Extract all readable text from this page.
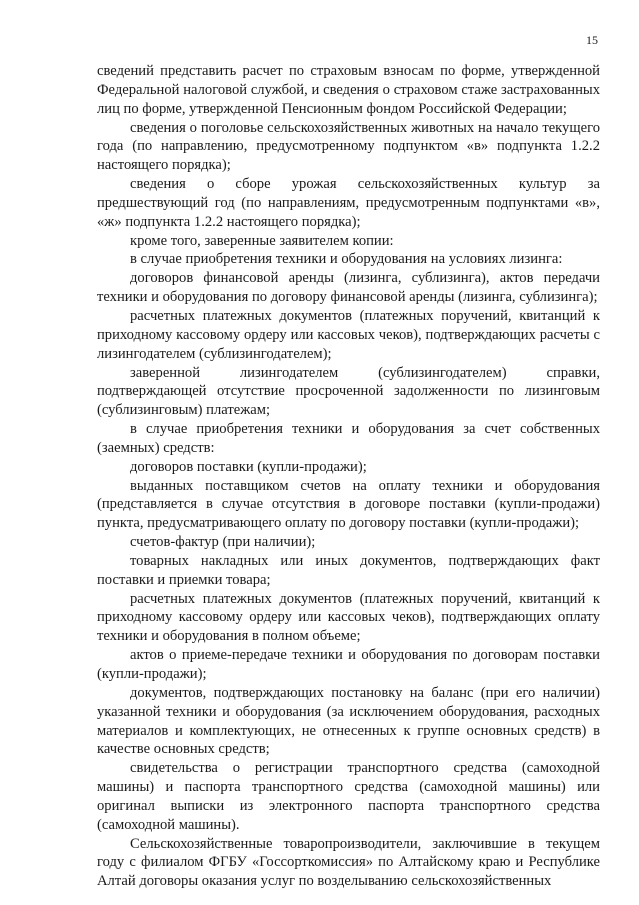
15

сведений представить расчет по страховым взносам по форме, утвержденной Федеральной налоговой службой, и сведения о страховом стаже застрахованных лиц по форме, утвержденной Пенсионным фондом Российской Федерации;

сведения о поголовье сельскохозяйственных животных на начало текущего года (по направлению, предусмотренному подпунктом «в» подпункта 1.2.2 настоящего порядка);

сведения о сборе урожая сельскохозяйственных культур за предшествующий год (по направлениям, предусмотренным подпунктами «в», «ж» подпункта 1.2.2 настоящего порядка);

кроме того, заверенные заявителем копии:

в случае приобретения техники и оборудования на условиях лизинга:

договоров финансовой аренды (лизинга, сублизинга), актов передачи техники и оборудования по договору финансовой аренды (лизинга, сублизинга);

расчетных платежных документов (платежных поручений, квитанций к приходному кассовому ордеру или кассовых чеков), подтверждающих расчеты с лизингодателем (сублизингодателем);

заверенной лизингодателем (сублизингодателем) справки, подтверждающей отсутствие просроченной задолженности по лизинговым (сублизинговым) платежам;

в случае приобретения техники и оборудования за счет собственных (заемных) средств:

договоров поставки (купли-продажи);

выданных поставщиком счетов на оплату техники и оборудования (представляется в случае отсутствия в договоре поставки (купли-продажи) пункта, предусматривающего оплату по договору поставки (купли-продажи);

счетов-фактур (при наличии);

товарных накладных или иных документов, подтверждающих факт поставки и приемки товара;

расчетных платежных документов (платежных поручений, квитанций к приходному кассовому ордеру или кассовых чеков), подтверждающих оплату техники и оборудования в полном объеме;

актов о приеме-передаче техники и оборудования по договорам поставки (купли-продажи);

документов, подтверждающих постановку на баланс (при его наличии) указанной техники и оборудования (за исключением оборудования, расходных материалов и комплектующих, не отнесенных к группе основных средств) в качестве основных средств;

свидетельства о регистрации транспортного средства (самоходной машины) и паспорта транспортного средства (самоходной машины) или оригинал выписки из электронного паспорта транспортного средства (самоходной машины).

Сельскохозяйственные товаропроизводители, заключившие в текущем году с филиалом ФГБУ «Госсорткомиссия» по Алтайскому краю и Республике Алтай договоры оказания услуг по возделыванию сельскохозяйственных
